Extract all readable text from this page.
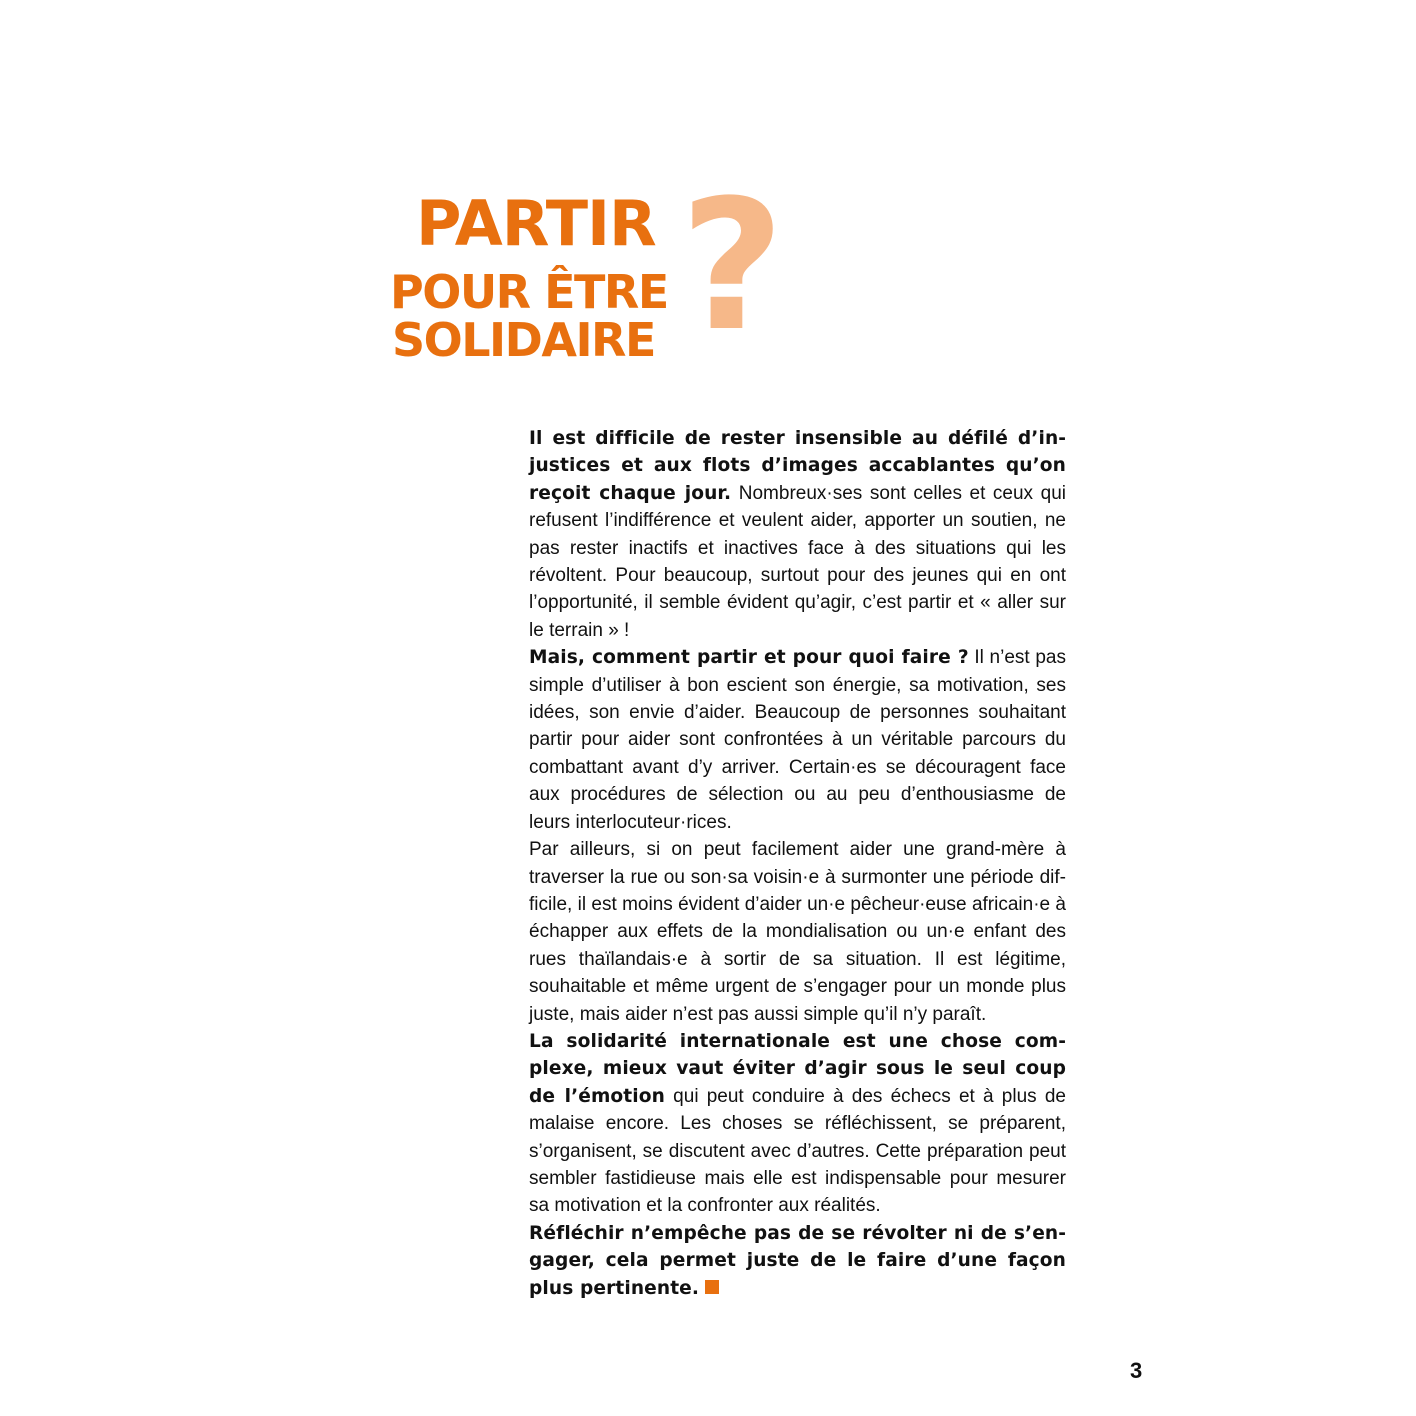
PARTIR
POUR ÊTRE
SOLIDAIRE ?

Il est difficile de rester insensible au défilé d’injustices et aux flots d’images accablantes qu’on reçoit chaque jour. Nombreux·ses sont celles et ceux qui refusent l’indifférence et veulent aider, apporter un soutien, ne pas rester inactifs et inactives face à des situations qui les révoltent. Pour beaucoup, surtout pour des jeunes qui en ont l’opportunité, il semble évident qu’agir, c’est partir et « aller sur le terrain » !

Mais, comment partir et pour quoi faire ? Il n’est pas simple d’utiliser à bon escient son énergie, sa motivation, ses idées, son envie d’aider. Beaucoup de personnes souhaitant partir pour aider sont confrontées à un véritable parcours du combattant avant d’y arriver. Certain·es se découragent face aux procédures de sélection ou au peu d’enthousiasme de leurs interlocuteur·rices.

Par ailleurs, si on peut facilement aider une grand-mère à traverser la rue ou son·sa voisin·e à surmonter une période difficile, il est moins évident d’aider un·e pêcheur·euse africain·e à échapper aux effets de la mondialisation ou un·e enfant des rues thaïlandais·e à sortir de sa situation. Il est légitime, souhaitable et même urgent de s’engager pour un monde plus juste, mais aider n’est pas aussi simple qu’il n’y paraît.

La solidarité internationale est une chose complexe, mieux vaut éviter d’agir sous le seul coup de l’émotion qui peut conduire à des échecs et à plus de malaise encore. Les choses se réfléchissent, se préparent, s’organisent, se discutent avec d’autres. Cette préparation peut sembler fastidieuse mais elle est indispensable pour mesurer sa motivation et la confronter aux réalités.

Réfléchir n’empêche pas de se révolter ni de s’engager, cela permet juste de le faire d’une façon plus pertinente.

3
